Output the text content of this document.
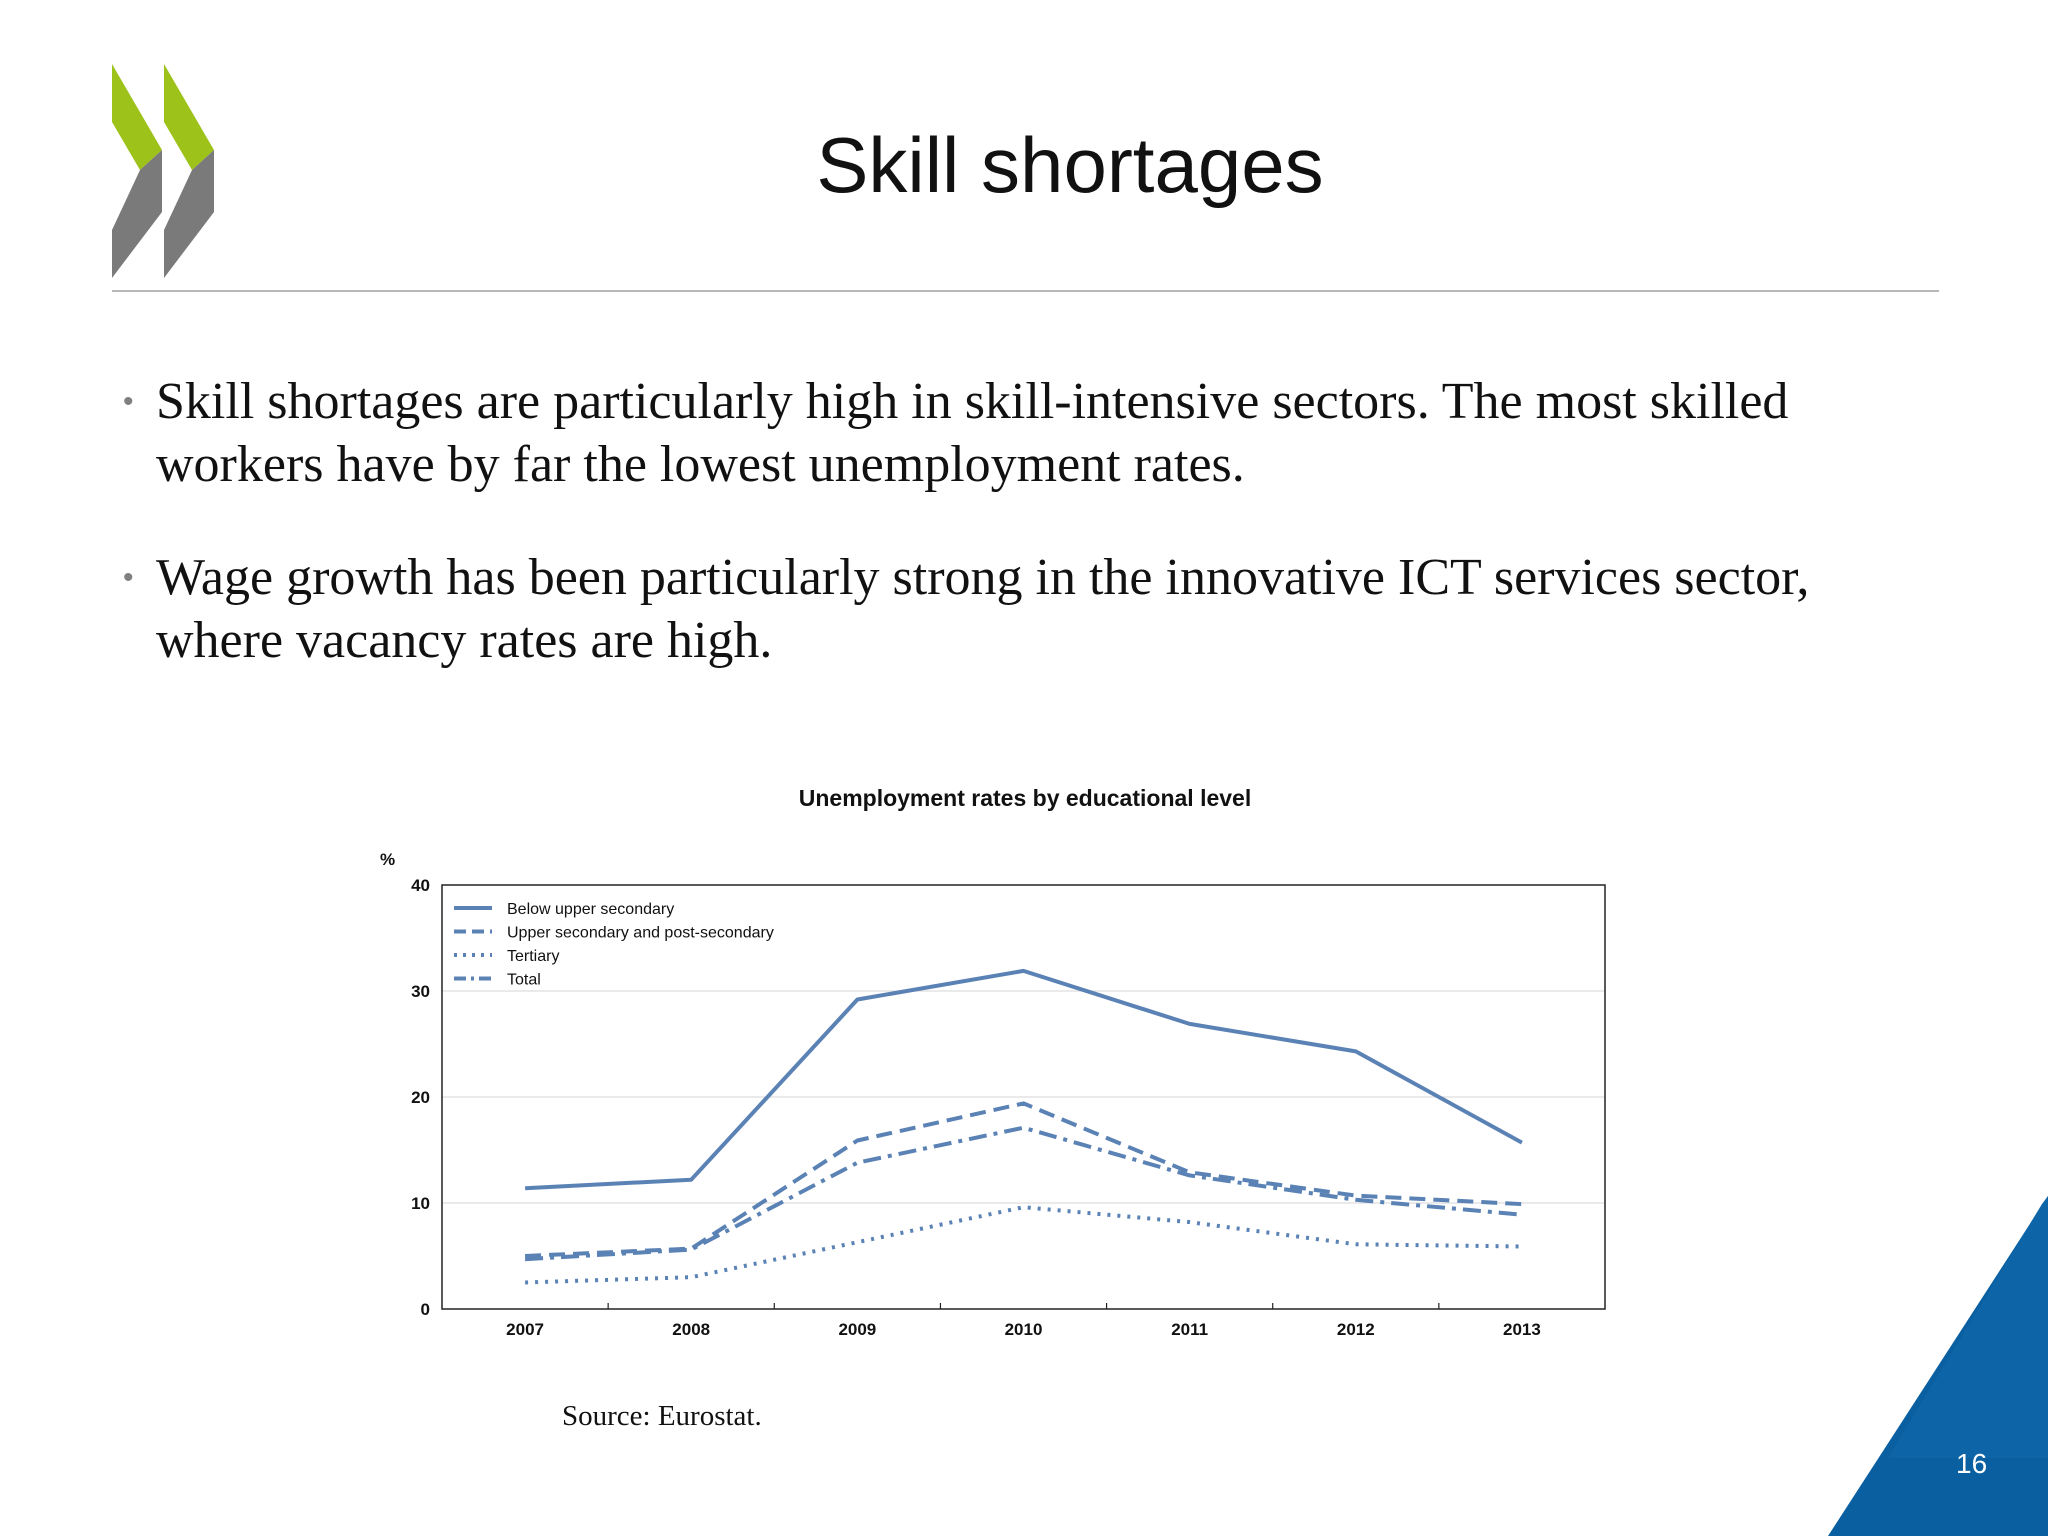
Skill shortages
• Skill shortages are particularly high in skill-intensive sectors. The most skilled workers have by far the lowest unemployment rates.
• Wage growth has been particularly strong in the innovative ICT services sector, where vacancy rates are high.
Unemployment rates by educational level
0
10
20
30
40
2007	2008	2009	2010	2011	2012	2013
%
Below upper secondary
Upper secondary and post-secondary
Tertiary
Total
Source: Eurostat.
16
